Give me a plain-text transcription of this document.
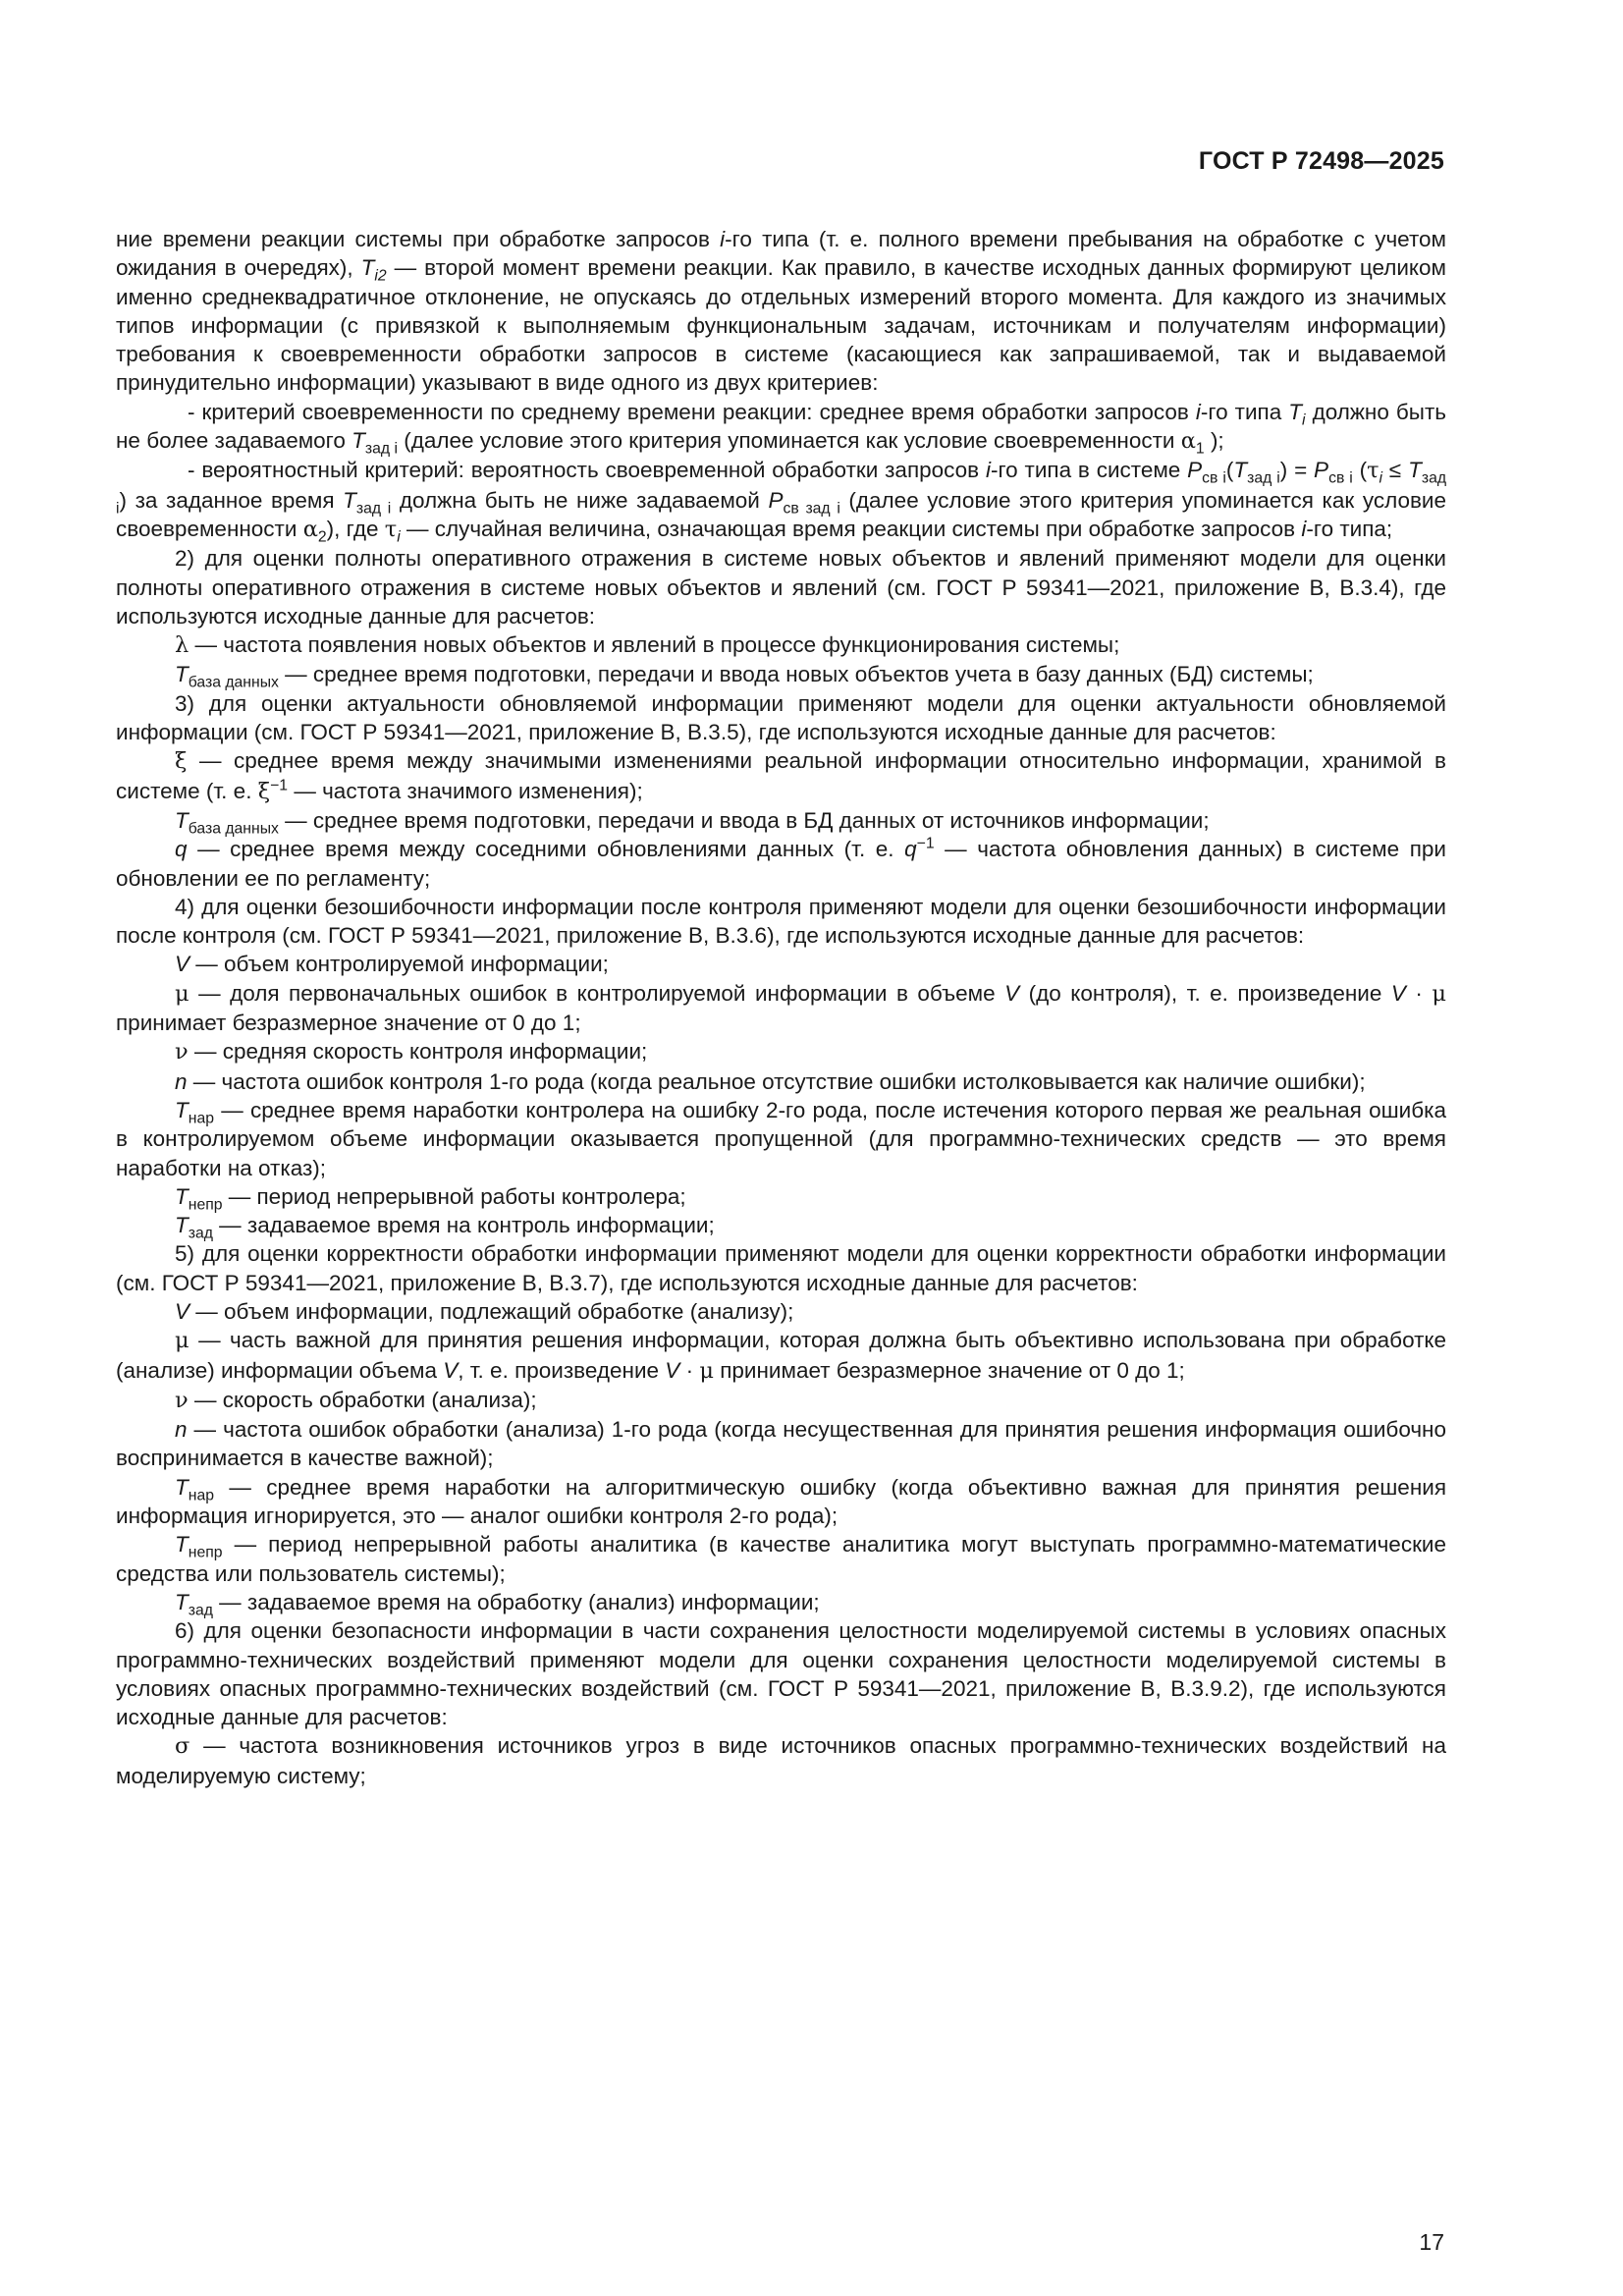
ГОСТ Р 72498—2025

ние времени реакции системы при обработке запросов i-го типа (т. е. полного времени пребывания на обработке с учетом ожидания в очередях), $T_{i2}$ — второй момент времени реакции. Как правило, в качестве исходных данных формируют целиком именно среднеквадратичное отклонение, не опускаясь до отдельных измерений второго момента. Для каждого из значимых типов информации (с привязкой к выполняемым функциональным задачам, источникам и получателям информации) требования к своевременности обработки запросов в системе (касающиеся как запрашиваемой, так и выдаваемой принудительно информации) указывают в виде одного из двух критериев:

- критерий своевременности по среднему времени реакции: среднее время обработки запросов i-го типа $T_i$ должно быть не более задаваемого $T_{зад i}$ (далее условие этого критерия упоминается как условие своевременности $\alpha_1$ );

- вероятностный критерий: вероятность своевременной обработки запросов i-го типа в системе $P_{св i}(T_{зад i}) = P_{св i}$ $(\tau_i \le T_{зад i})$ за заданное время $T_{зад i}$ должна быть не ниже задаваемой $P_{св зад i}$ (далее условие этого критерия упоминается как условие своевременности $\alpha_2$), где $\tau_i$ — случайная величина, означающая время реакции системы при обработке запросов i-го типа;

2) для оценки полноты оперативного отражения в системе новых объектов и явлений применяют модели для оценки полноты оперативного отражения в системе новых объектов и явлений (см. ГОСТ Р 59341—2021, приложение В, В.3.4), где используются исходные данные для расчетов:

λ — частота появления новых объектов и явлений в процессе функционирования системы;

$T_{база данных}$ — среднее время подготовки, передачи и ввода новых объектов учета в базу данных (БД) системы;

3) для оценки актуальности обновляемой информации применяют модели для оценки актуальности обновляемой информации (см. ГОСТ Р 59341—2021, приложение В, В.3.5), где используются исходные данные для расчетов:

ξ — среднее время между значимыми изменениями реальной информации относительно информации, хранимой в системе (т. е. $\xi^{-1}$ — частота значимого изменения);

$T_{база данных}$ — среднее время подготовки, передачи и ввода в БД данных от источников информации;

q — среднее время между соседними обновлениями данных (т. е. $q^{-1}$ — частота обновления данных) в системе при обновлении ее по регламенту;

4) для оценки безошибочности информации после контроля применяют модели для оценки безошибочности информации после контроля (см. ГОСТ Р 59341—2021, приложение В, В.3.6), где используются исходные данные для расчетов:

V — объем контролируемой информации;

μ — доля первоначальных ошибок в контролируемой информации в объеме V (до контроля), т. е. произведение V · μ принимает безразмерное значение от 0 до 1;

ν — средняя скорость контроля информации;

n — частота ошибок контроля 1-го рода (когда реальное отсутствие ошибки истолковывается как наличие ошибки);

$T_{нар}$ — среднее время наработки контролера на ошибку 2-го рода, после истечения которого первая же реальная ошибка в контролируемом объеме информации оказывается пропущенной (для программно-технических средств — это время наработки на отказ);

$T_{непр}$ — период непрерывной работы контролера;

$T_{зад}$ — задаваемое время на контроль информации;

5) для оценки корректности обработки информации применяют модели для оценки корректности обработки информации (см. ГОСТ Р 59341—2021, приложение В, В.3.7), где используются исходные данные для расчетов:

V — объем информации, подлежащий обработке (анализу);

μ — часть важной для принятия решения информации, которая должна быть объективно использована при обработке (анализе) информации объема V, т. е. произведение V · μ принимает безразмерное значение от 0 до 1;

ν — скорость обработки (анализа);

n — частота ошибок обработки (анализа) 1-го рода (когда несущественная для принятия решения информация ошибочно воспринимается в качестве важной);

$T_{нар}$ — среднее время наработки на алгоритмическую ошибку (когда объективно важная для принятия решения информация игнорируется, это — аналог ошибки контроля 2-го рода);

$T_{непр}$ — период непрерывной работы аналитика (в качестве аналитика могут выступать программно-математические средства или пользователь системы);

$T_{зад}$ — задаваемое время на обработку (анализ) информации;

6) для оценки безопасности информации в части сохранения целостности моделируемой системы в условиях опасных программно-технических воздействий применяют модели для оценки сохранения целостности моделируемой системы в условиях опасных программно-технических воздействий (см. ГОСТ Р 59341—2021, приложение В, В.3.9.2), где используются исходные данные для расчетов:

σ — частота возникновения источников угроз в виде источников опасных программно-технических воздействий на моделируемую систему;

17
